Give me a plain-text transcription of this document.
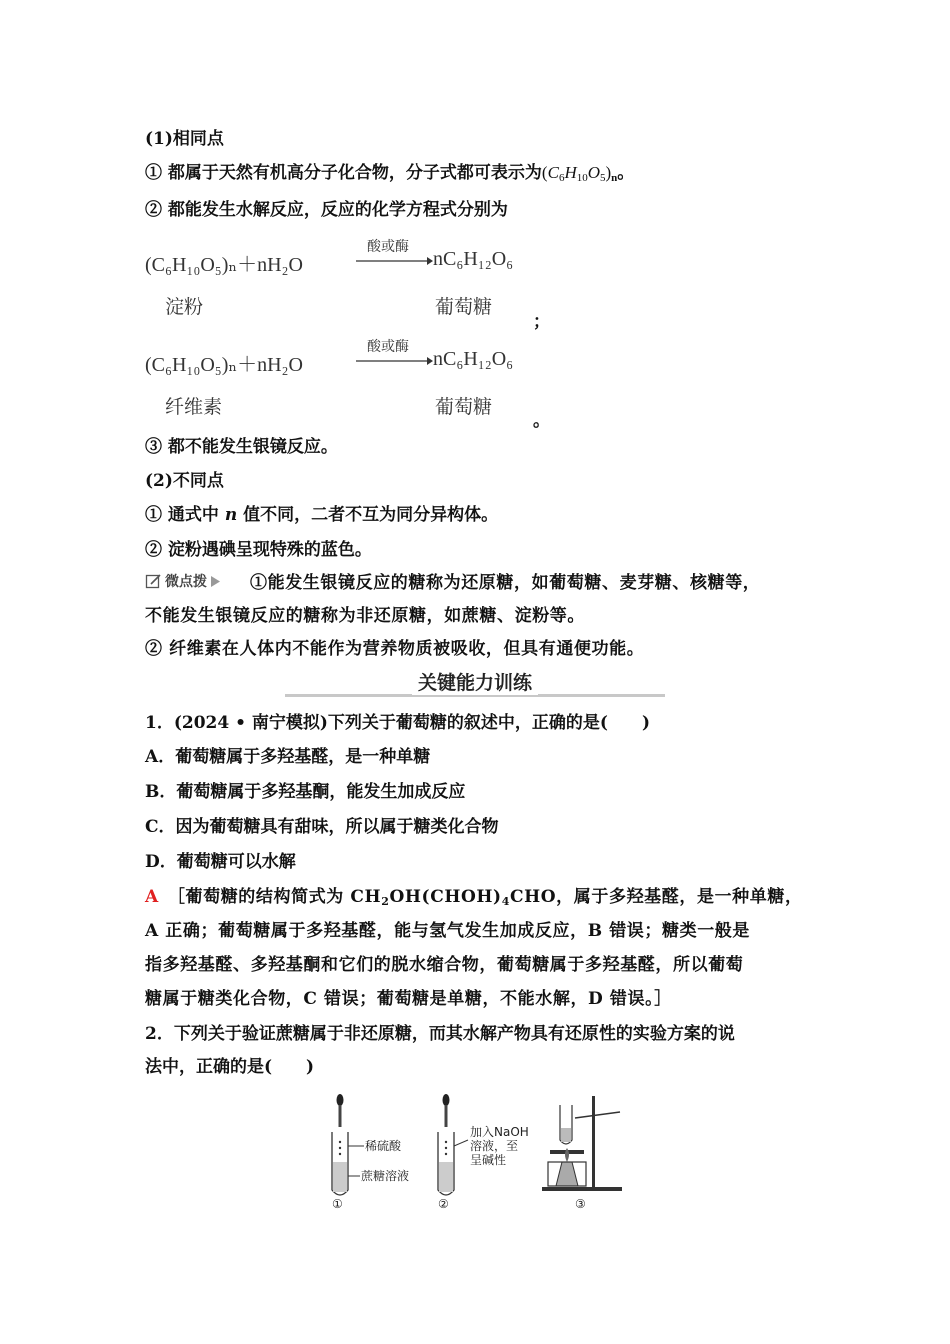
(1)相同点
① 都属于天然有机高分子化合物，分子式都可表示为$(C_6H_{10}O_5)_n$。
② 都能发生水解反应，反应的化学方程式分别为
(C₆H₁₀O₅)ₙ＋nH₂O
酸或酶
nC₆H₁₂O₆
淀粉	葡萄糖
；
(C₆H₁₀O₅)ₙ＋nH₂O
酸或酶
nC₆H₁₂O₆
纤维素	葡萄糖
。
③ 都不能发生银镜反应。
(2)不同点
① 通式中 n 值不同，二者不互为同分异构体。
② 淀粉遇碘呈现特殊的蓝色。
微点拨	①能发生银镜反应的糖称为还原糖，如葡萄糖、麦芽糖、核糖等，
不能发生银镜反应的糖称为非还原糖，如蔗糖、淀粉等。
② 纤维素在人体内不能作为营养物质被吸收，但具有通便功能。
关键能力训练
1．(2024 • 南宁模拟)下列关于葡萄糖的叙述中，正确的是(　　)
A．葡萄糖属于多羟基醛，是一种单糖
B．葡萄糖属于多羟基酮，能发生加成反应
C．因为葡萄糖具有甜味，所以属于糖类化合物
D．葡萄糖可以水解
A　 ［葡萄糖的结构简式为 $CH_2OH(CHOH)_4CHO$，属于多羟基醛，是一种单糖，
A 正确；葡萄糖属于多羟基醛，能与氢气发生加成反应，B 错误；糖类一般是
指多羟基醛、多羟基酮和它们的脱水缩合物，葡萄糖属于多羟基醛，所以葡萄
糖属于糖类化合物，C 错误；葡萄糖是单糖，不能水解，D 错误。］
2．下列关于验证蔗糖属于非还原糖，而其水解产物具有还原性的实验方案的说
法中，正确的是(　　)
稀硫酸
蔗糖溶液
①
加入NaOH
溶液，至
呈碱性
②	③
